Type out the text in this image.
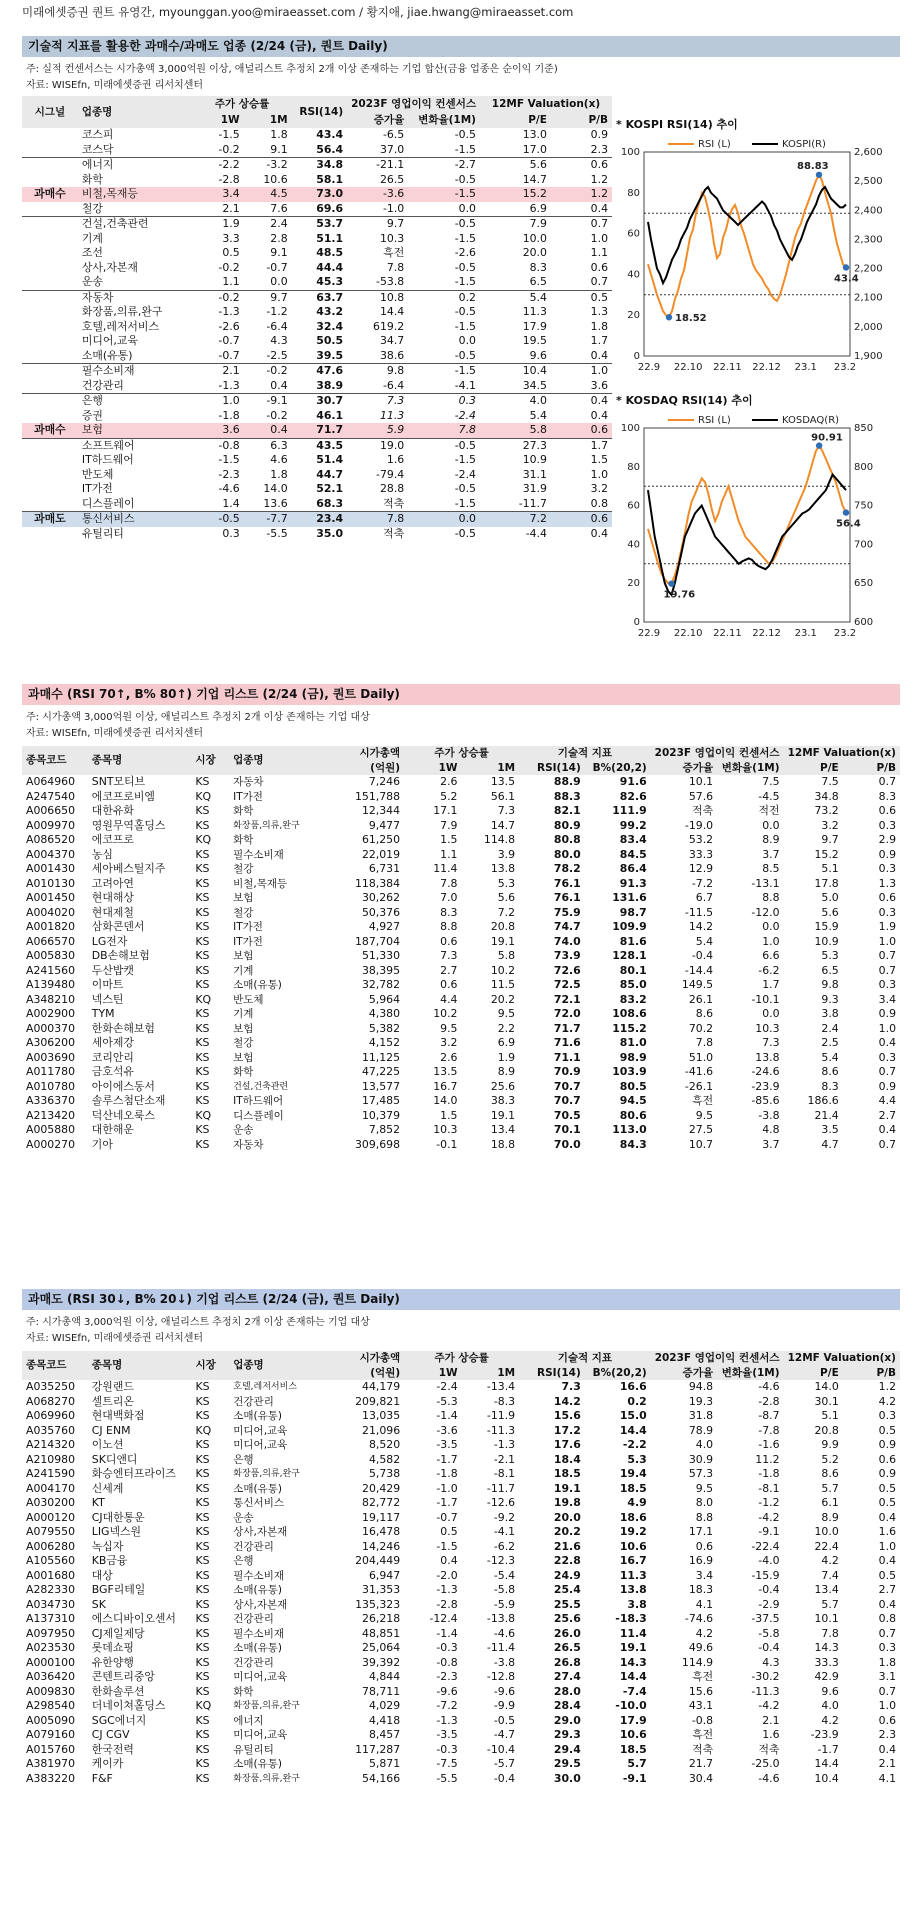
미래에셋증권 퀀트 유영간, myounggan.yoo@miraeasset.com / 황지애, jiae.hwang@miraeasset.com
기술적 지표를 활용한 과매수/과매도 업종 (2/24 (금), 퀀트 Daily)
주: 실적 컨센서스는 시가총액 3,000억원 이상, 애널리스트 추정치 2개 이상 존재하는 기업 합산(금융 업종은 순이익 기준)
자료: WISEfn, 미래에셋증권 리서치센터
시그널	업종명	주가 상승률		RSI(14)	2023F 영업이익 컨센서스		12MF Valuation(x)	
		1W	1M		증가율	변화율(1M)	P/E	P/B
	코스피	-1.5	1.8	43.4	-6.5	-0.5	13.0	0.9
	코스닥	-0.2	9.1	56.4	37.0	-1.5	17.0	2.3
	에너지	-2.2	-3.2	34.8	-21.1	-2.7	5.6	0.6
	화학	-2.8	10.6	58.1	26.5	-0.5	14.7	1.2
과매수	비철,목재등	3.4	4.5	73.0	-3.6	-1.5	15.2	1.2
	철강	2.1	7.6	69.6	-1.0	0.0	6.9	0.4
	건설,건축관련	1.9	2.4	53.7	9.7	-0.5	7.9	0.7
	기계	3.3	2.8	51.1	10.3	-1.5	10.0	1.0
	조선	0.5	9.1	48.5	흑전	-2.6	20.0	1.1
	상사,자본재	-0.2	-0.7	44.4	7.8	-0.5	8.3	0.6
	운송	1.1	0.0	45.3	-53.8	-1.5	6.5	0.7
	자동차	-0.2	9.7	63.7	10.8	0.2	5.4	0.5
	화장품,의류,완구	-1.3	-1.2	43.2	14.4	-0.5	11.3	1.3
	호텔,레저서비스	-2.6	-6.4	32.4	619.2	-1.5	17.9	1.8
	미디어,교육	-0.7	4.3	50.5	34.7	0.0	19.5	1.7
	소매(유통)	-0.7	-2.5	39.5	38.6	-0.5	9.6	0.4
	필수소비재	2.1	-0.2	47.6	9.8	-1.5	10.4	1.0
	건강관리	-1.3	0.4	38.9	-6.4	-4.1	34.5	3.6
	은행	1.0	-9.1	30.7	7.3	0.3	4.0	0.4
	증권	-1.8	-0.2	46.1	11.3	-2.4	5.4	0.4
과매수	보험	3.6	0.4	71.7	5.9	7.8	5.8	0.6
	소프트웨어	-0.8	6.3	43.5	19.0	-0.5	27.3	1.7
	IT하드웨어	-1.5	4.6	51.4	1.6	-1.5	10.9	1.5
	반도체	-2.3	1.8	44.7	-79.4	-2.4	31.1	1.0
	IT가전	-4.6	14.0	52.1	28.8	-0.5	31.9	3.2
	디스플레이	1.4	13.6	68.3	적축	-1.5	-11.7	0.8
과매도	통신서비스	-0.5	-7.7	23.4	7.8	0.0	7.2	0.6
	유틸리티	0.3	-5.5	35.0	적축	-0.5	-4.4	0.4
* KOSPI RSI(14) 추이
RSI (L)	KOSPI(R)
0
20
40
60
80
100
1,900
2,000
2,100
2,200
2,300
2,400
2,500
2,600
22.9 22.10 22.11 22.12 23.1 23.2
88.83
18.52
43.4
* KOSDAQ RSI(14) 추이
RSI (L)	KOSDAQ(R)
0
20
40
60
80
100
600
650
700
750
800
850
22.9 22.10 22.11 22.12 23.1 23.2
90.91
19.76
56.4
과매수 (RSI 70↑, B% 80↑) 기업 리스트 (2/24 (금), 퀀트 Daily)
주: 시가총액 3,000억원 이상, 애널리스트 추정치 2개 이상 존재하는 기업 대상
자료: WISEfn, 미래에셋증권 리서치센터
종목코드	종목명	시장	업종명	시가총액	주가 상승률		기술적 지표		2023F 영업이익 컨센서스		12MF Valuation(x)	
				(억원)	1W	1M	RSI(14)	B%(20,2)	증가율	변화율(1M)	P/E	P/B
A064960	SNT모티브	KS	자동차	7,246	2.6	13.5	88.9	91.6	10.1	7.5	7.5	0.7
A247540	에코프로비엠	KQ	IT가전	151,788	5.2	56.1	88.3	82.6	57.6	-4.5	34.8	8.3
A006650	대한유화	KS	화학	12,344	17.1	7.3	82.1	111.9	적축	적전	73.2	0.6
A009970	영원무역홀딩스	KS	화장품,의류,완구	9,477	7.9	14.7	80.9	99.2	-19.0	0.0	3.2	0.3
A086520	에코프로	KQ	화학	61,250	1.5	114.8	80.8	83.4	53.2	8.9	9.7	2.9
A004370	농심	KS	필수소비재	22,019	1.1	3.9	80.0	84.5	33.3	3.7	15.2	0.9
A001430	세아베스틸지주	KS	철강	6,731	11.4	13.8	78.2	86.4	12.9	8.5	5.1	0.3
A010130	고려아연	KS	비철,목재등	118,384	7.8	5.3	76.1	91.3	-7.2	-13.1	17.8	1.3
A001450	현대해상	KS	보험	30,262	7.0	5.6	76.1	131.6	6.7	8.8	5.0	0.6
A004020	현대제철	KS	철강	50,376	8.3	7.2	75.9	98.7	-11.5	-12.0	5.6	0.3
A001820	삼화콘덴서	KS	IT가전	4,927	8.8	20.8	74.7	109.9	14.2	0.0	15.9	1.9
A066570	LG전자	KS	IT가전	187,704	0.6	19.1	74.0	81.6	5.4	1.0	10.9	1.0
A005830	DB손해보험	KS	보험	51,330	7.3	5.8	73.9	128.1	-0.4	6.6	5.3	0.7
A241560	두산밥캣	KS	기계	38,395	2.7	10.2	72.6	80.1	-14.4	-6.2	6.5	0.7
A139480	이마트	KS	소매(유통)	32,782	0.6	11.5	72.5	85.0	149.5	1.7	9.8	0.3
A348210	넥스틴	KQ	반도체	5,964	4.4	20.2	72.1	83.2	26.1	-10.1	9.3	3.4
A002900	TYM	KS	기계	4,380	10.2	9.5	72.0	108.6	8.6	0.0	3.8	0.9
A000370	한화손해보험	KS	보험	5,382	9.5	2.2	71.7	115.2	70.2	10.3	2.4	1.0
A306200	세아제강	KS	철강	4,152	3.2	6.9	71.6	81.0	7.8	7.3	2.5	0.4
A003690	코리안리	KS	보험	11,125	2.6	1.9	71.1	98.9	51.0	13.8	5.4	0.3
A011780	금호석유	KS	화학	47,225	13.5	8.9	70.9	103.9	-41.6	-24.6	8.6	0.7
A010780	아이에스동서	KS	건설,건축관련	13,577	16.7	25.6	70.7	80.5	-26.1	-23.9	8.3	0.9
A336370	솔루스첨단소재	KS	IT하드웨어	17,485	14.0	38.3	70.7	94.5	흑전	-85.6	186.6	4.4
A213420	덕산네오룩스	KQ	디스플레이	10,379	1.5	19.1	70.5	80.6	9.5	-3.8	21.4	2.7
A005880	대한해운	KS	운송	7,852	10.3	13.4	70.1	113.0	27.5	4.8	3.5	0.4
A000270	기아	KS	자동차	309,698	-0.1	18.8	70.0	84.3	10.7	3.7	4.7	0.7
과매도 (RSI 30↓, B% 20↓) 기업 리스트 (2/24 (금), 퀀트 Daily)
주: 시가총액 3,000억원 이상, 애널리스트 추정치 2개 이상 존재하는 기업 대상
자료: WISEfn, 미래에셋증권 리서치센터
종목코드	종목명	시장	업종명	시가총액	주가 상승률		기술적 지표		2023F 영업이익 컨센서스		12MF Valuation(x)	
				(억원)	1W	1M	RSI(14)	B%(20,2)	증가율	변화율(1M)	P/E	P/B
A035250	강원랜드	KS	호텔,레저서비스	44,179	-2.4	-13.4	7.3	16.6	94.8	-4.6	14.0	1.2
A068270	셀트리온	KS	건강관리	209,821	-5.3	-8.3	14.2	0.2	19.3	-2.8	30.1	4.2
A069960	현대백화점	KS	소매(유통)	13,035	-1.4	-11.9	15.6	15.0	31.8	-8.7	5.1	0.3
A035760	CJ ENM	KQ	미디어,교육	21,096	-3.6	-11.3	17.2	14.4	78.9	-7.8	20.8	0.5
A214320	이노션	KS	미디어,교육	8,520	-3.5	-1.3	17.6	-2.2	4.0	-1.6	9.9	0.9
A210980	SK디앤디	KS	은행	4,582	-1.7	-2.1	18.4	5.3	30.9	11.2	5.2	0.6
A241590	화승엔터프라이즈	KS	화장품,의류,완구	5,738	-1.8	-8.1	18.5	19.4	57.3	-1.8	8.6	0.9
A004170	신세계	KS	소매(유통)	20,429	-1.0	-11.7	19.1	18.5	9.5	-8.1	5.7	0.5
A030200	KT	KS	통신서비스	82,772	-1.7	-12.6	19.8	4.9	8.0	-1.2	6.1	0.5
A000120	CJ대한통운	KS	운송	19,117	-0.7	-9.2	20.0	18.6	8.8	-4.2	8.9	0.4
A079550	LIG넥스원	KS	상사,자본재	16,478	0.5	-4.1	20.2	19.2	17.1	-9.1	10.0	1.6
A006280	녹십자	KS	건강관리	14,246	-1.5	-6.2	21.6	10.6	0.6	-22.4	22.4	1.0
A105560	KB금융	KS	은행	204,449	0.4	-12.3	22.8	16.7	16.9	-4.0	4.2	0.4
A001680	대상	KS	필수소비재	6,947	-2.0	-5.4	24.9	11.3	3.4	-15.9	7.4	0.5
A282330	BGF리테일	KS	소매(유통)	31,353	-1.3	-5.8	25.4	13.8	18.3	-0.4	13.4	2.7
A034730	SK	KS	상사,자본재	135,323	-2.8	-5.9	25.5	3.8	4.1	-2.9	5.7	0.4
A137310	에스디바이오센서	KS	건강관리	26,218	-12.4	-13.8	25.6	-18.3	-74.6	-37.5	10.1	0.8
A097950	CJ제일제당	KS	필수소비재	48,851	-1.4	-4.6	26.0	11.4	4.2	-5.8	7.8	0.7
A023530	롯데쇼핑	KS	소매(유통)	25,064	-0.3	-11.4	26.5	19.1	49.6	-0.4	14.3	0.3
A000100	유한양행	KS	건강관리	39,392	-0.8	-3.8	26.8	14.3	114.9	4.3	33.3	1.8
A036420	콘텐트리중앙	KS	미디어,교육	4,844	-2.3	-12.8	27.4	14.4	흑전	-30.2	42.9	3.1
A009830	한화솔루션	KS	화학	78,711	-9.6	-9.6	28.0	-7.4	15.6	-11.3	9.6	0.7
A298540	더네이쳐홀딩스	KQ	화장품,의류,완구	4,029	-7.2	-9.9	28.4	-10.0	43.1	-4.2	4.0	1.0
A005090	SGC에너지	KS	에너지	4,418	-1.3	-0.5	29.0	17.9	-0.8	2.1	4.2	0.6
A079160	CJ CGV	KS	미디어,교육	8,457	-3.5	-4.7	29.3	10.6	흑전	1.6	-23.9	2.3
A015760	한국전력	KS	유틸리티	117,287	-0.3	-10.4	29.4	18.5	적축	적축	-1.7	0.4
A381970	케이카	KS	소매(유통)	5,871	-7.5	-5.7	29.5	5.7	21.7	-25.0	14.4	2.1
A383220	F&F	KS	화장품,의류,완구	54,166	-5.5	-0.4	30.0	-9.1	30.4	-4.6	10.4	4.1
